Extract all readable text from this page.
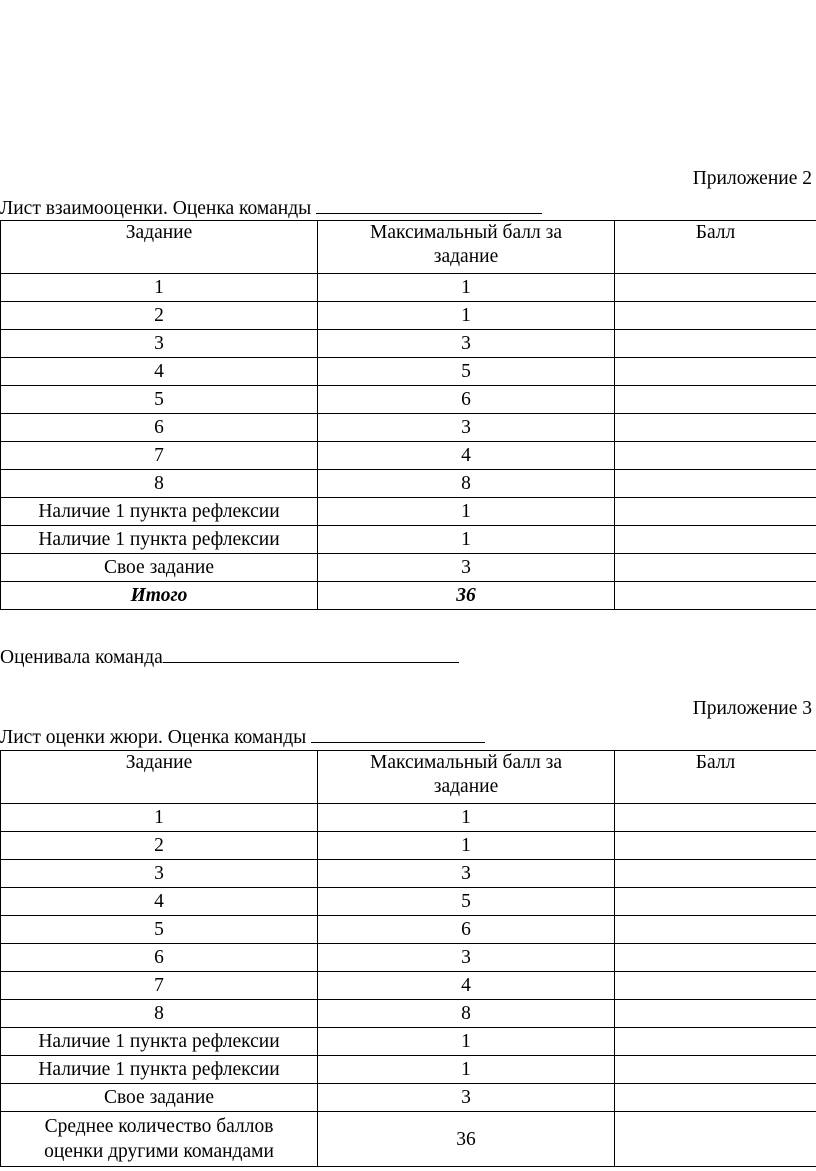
Приложение 2
Лист взаимооценки. Оценка команды
Задание	Максимальный балл за задание	Балл
1	1	
2	1	
3	3	
4	5	
5	6	
6	3	
7	4	
8	8	
Наличие 1 пункта рефлексии	1	
Наличие 1 пункта рефлексии	1	
Свое задание	3	
Итого	36	
Оценивала команда
Приложение 3
Лист оценки жюри. Оценка команды
Задание	Максимальный балл за задание	Балл
1	1	
2	1	
3	3	
4	5	
5	6	
6	3	
7	4	
8	8	
Наличие 1 пункта рефлексии	1	
Наличие 1 пункта рефлексии	1	
Свое задание	3	

Среднее количество баллов
оценки другими командами	36	
